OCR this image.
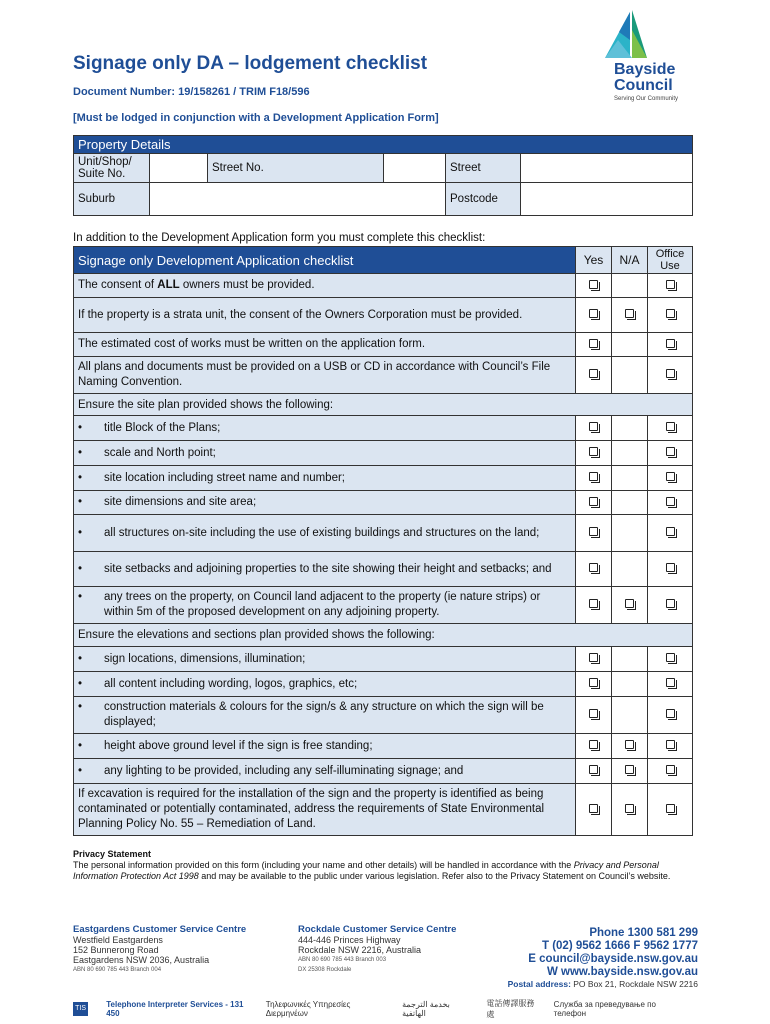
Signage only DA – lodgement checklist
Document Number: 19/158261 / TRIM F18/596
[Must be lodged in conjunction with a Development Application Form]
Bayside
Council
Serving Our Community
Property Details					
Unit/Shop/ Suite No.		Street No.		Street	
Suburb				Postcode	
In addition to the Development Application form you must complete this checklist:
Signage only Development Application checklist	Yes	N/A	Office Use
The consent of ALL owners must be provided.			
If the property is a strata unit, the consent of the Owners Corporation must be provided.			
The estimated cost of works must be written on the application form.			
All plans and documents must be provided on a USB or CD in accordance with Council’s File Naming Convention.			
Ensure the site plan provided shows the following:			

• title Block of the Plans;			

• scale and North point;			

• site location including street name and number;			

• site dimensions and site area;			

• all structures on-site including the use of existing buildings and structures on the land;			

• site setbacks and adjoining properties to the site showing their height and setbacks; and			

• any trees on the property, on Council land adjacent to the property (ie nature strips) or within 5m of the proposed development on any adjoining property.			

Ensure the elevations and sections plan provided shows the following:			

• sign locations, dimensions, illumination;			

• all content including wording, logos, graphics, etc;			

• construction materials & colours for the sign/s & any structure on which the sign will be displayed;			

• height above ground level if the sign is free standing;			

• any lighting to be provided, including any self-illuminating signage; and			

If excavation is required for the installation of the sign and the property is identified as being contaminated or potentially contaminated, address the requirements of State Environmental Planning Policy No. 55 – Remediation of Land.			
Privacy Statement
The personal information provided on this form (including your name and other details) will be handled in accordance with the Privacy and Personal Information Protection Act 1998 and may be available to the public under various legislation. Refer also to the Privacy Statement on Council’s website.
Eastgardens Customer Service Centre
Westfield Eastgardens
152 Bunnerong Road
Eastgardens NSW 2036, Australia
ABN 80 690 785 443 Branch 004
Rockdale Customer Service Centre
444-446 Princes Highway
Rockdale NSW 2216, Australia
ABN 80 690 785 443 Branch 003
DX 25308 Rockdale
Phone 1300 581 299
T (02) 9562 1666 F 9562 1777
E council@bayside.nsw.gov.au
W www.bayside.nsw.gov.au
Postal address: PO Box 21, Rockdale NSW 2216
TIS	Telephone Interpreter Services - 131 450
Τηλεφωνικές Υπηρεσίες Διερμηνέων
بخدمة الترجمة الهاتفية
電話傳譯服務處
Служба за преведување по телефон
